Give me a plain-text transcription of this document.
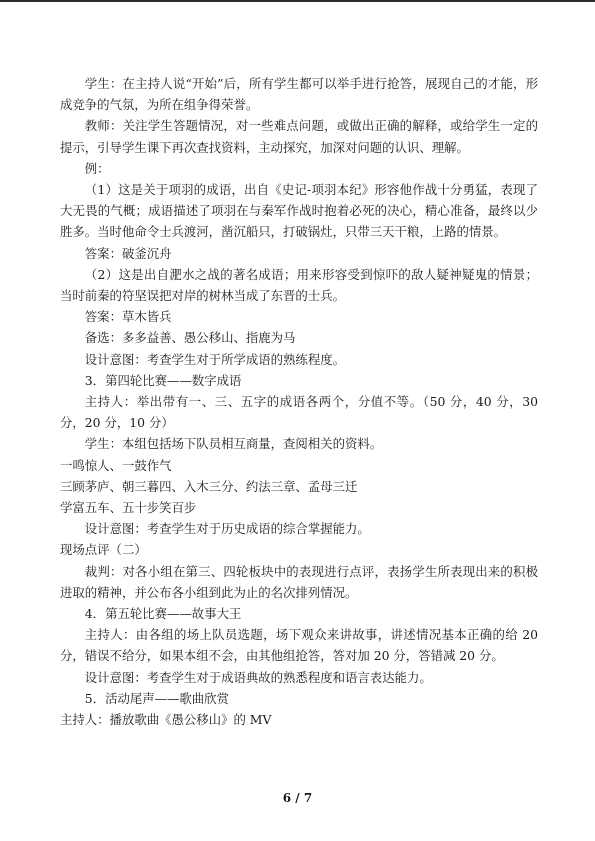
学生：在主持人说“开始”后，所有学生都可以举手进行抢答，展现自己的才能，形成竞争的气氛，为所在组争得荣誉。

教师：关注学生答题情况，对一些难点问题，或做出正确的解释，或给学生一定的提示，引导学生课下再次查找资料，主动探究，加深对问题的认识、理解。

例：

（1）这是关于项羽的成语，出自《史记-项羽本纪》形容他作战十分勇猛，表现了大无畏的气概；成语描述了项羽在与秦军作战时抱着必死的决心，精心准备，最终以少胜多。当时他命令士兵渡河，凿沉船只，打破锅灶，只带三天干粮，上路的情景。

答案：破釜沉舟

（2）这是出自淝水之战的著名成语；用来形容受到惊吓的敌人疑神疑鬼的情景；当时前秦的符坚误把对岸的树林当成了东晋的士兵。

答案：草木皆兵

备选：多多益善、愚公移山、指鹿为马

设计意图：考查学生对于所学成语的熟练程度。

3．第四轮比赛——数字成语

主持人：举出带有一、三、五字的成语各两个，分值不等。（50 分，40 分，30 分，20 分，10 分）

学生：本组包括场下队员相互商量，查阅相关的资料。

一鸣惊人、一鼓作气

三顾茅庐、朝三暮四、入木三分、约法三章、孟母三迁

学富五车、五十步笑百步

设计意图：考查学生对于历史成语的综合掌握能力。

现场点评（二）

裁判：对各小组在第三、四轮板块中的表现进行点评，表扬学生所表现出来的积极进取的精神，并公布各小组到此为止的名次排列情况。

4．第五轮比赛——故事大王

主持人：由各组的场上队员选题，场下观众来讲故事，讲述情况基本正确的给 20 分，错误不给分，如果本组不会，由其他组抢答，答对加 20 分，答错减 20 分。

设计意图：考查学生对于成语典故的熟悉程度和语言表达能力。

5．活动尾声——歌曲欣赏

主持人：播放歌曲《愚公移山》的 MV

6 / 7
